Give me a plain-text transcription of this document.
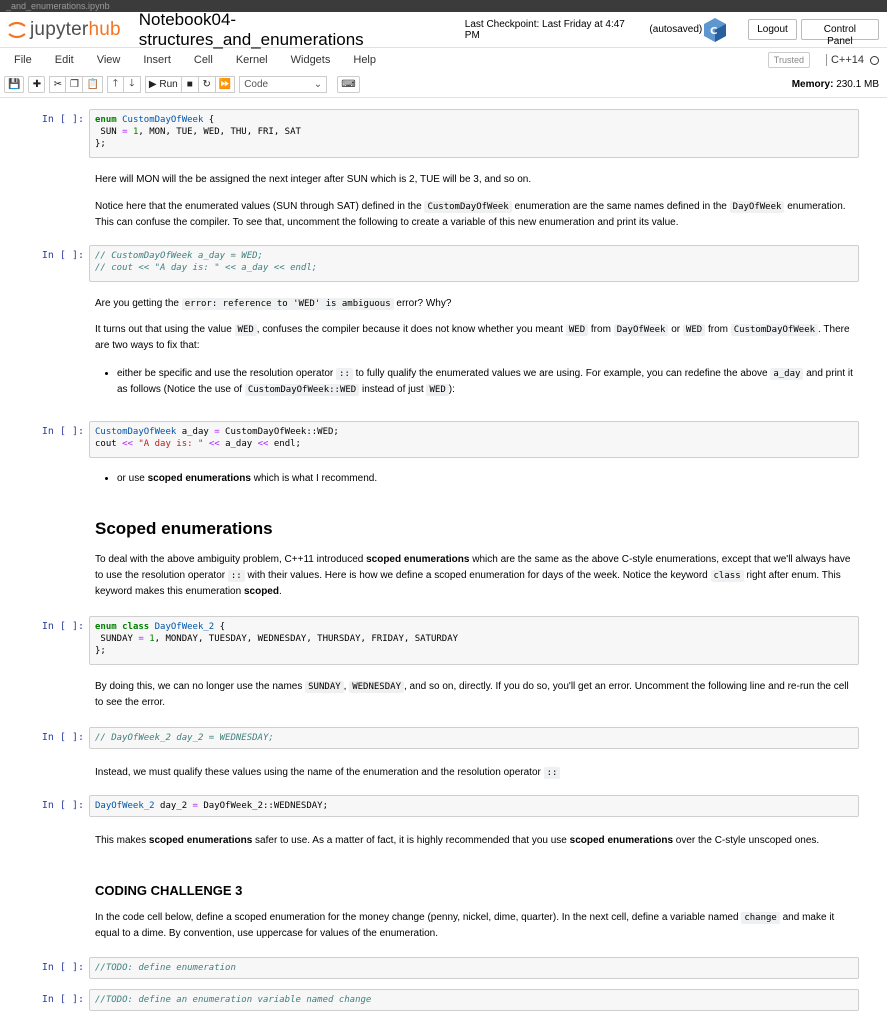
_and_enumerations.ipynb
jupyter hub Notebook04-structures_and_enumerations
Last Checkpoint: Last Friday at 4:47 PM	(autosaved) C	Logout	Control Panel
File Edit View Insert Cell Kernel Widgets Help	Trusted	C++14
💾	✚	✂ ❐ 📋	🡑	🡓	▶ Run ■ ↻ ⏩	Code	⌄	⌨	Memory: 230.1 MB
In [ ]:	enum CustomDayOfWeek {
SUN = 1, MON, TUE, WED, THU, FRI, SAT
};
Here will MON will the be assigned the next integer after SUN which is 2, TUE will be 3, and so on.
Notice here that the enumerated values (SUN through SAT) defined in the CustomDayOfWeek enumeration are the same names defined in the DayOfWeek enumeration. This can confuse the compiler. To see that, uncomment the following to create a variable of this new enumeration and print its value.
In [ ]:	// CustomDayOfWeek a_day = WED;
// cout << "A day is: " << a_day << endl;
Are you getting the error: reference to 'WED' is ambiguous error? Why?
It turns out that using the value WED , confuses the compiler because it does not know whether you meant WED from DayOfWeek or WED from CustomDayOfWeek . There are two ways to fix that:
• either be specific and use the resolution operator :: to fully qualify the enumerated values we are using. For example, you can redefine the above a_day and print it as follows (Notice the use of CustomDayOfWeek::WED instead of just WED ):
In [ ]:	CustomDayOfWeek a_day = CustomDayOfWeek::WED;
cout << "A day is: " << a_day << endl;
• or use scoped enumerations which is what I recommend.
Scoped enumerations
To deal with the above ambiguity problem, C++11 introduced scoped enumerations which are the same as the above C-style enumerations, except that we'll always have to use the resolution operator :: with their values. Here is how we define a scoped enumeration for days of the week. Notice the keyword class right after enum. This keyword makes this enumeration scoped.
In [ ]:	enum class DayOfWeek_2 {
SUNDAY = 1, MONDAY, TUESDAY, WEDNESDAY, THURSDAY, FRIDAY, SATURDAY
};
By doing this, we can no longer use the names SUNDAY , WEDNESDAY , and so on, directly. If you do so, you'll get an error. Uncomment the following line and re-run the cell to see the error.
In [ ]:	// DayOfWeek_2 day_2 = WEDNESDAY;
Instead, we must qualify these values using the name of the enumeration and the resolution operator ::
In [ ]:	DayOfWeek_2 day_2 = DayOfWeek_2::WEDNESDAY;
This makes scoped enumerations safer to use. As a matter of fact, it is highly recommended that you use scoped enumerations over the C-style unscoped ones.
CODING CHALLENGE 3
In the code cell below, define a scoped enumeration for the money change (penny, nickel, dime, quarter). In the next cell, define a variable named change and make it equal to a dime. By convention, use uppercase for values of the enumeration.
In [ ]:	//TODO: define enumeration
In [ ]:	//TODO: define an enumeration variable named change
